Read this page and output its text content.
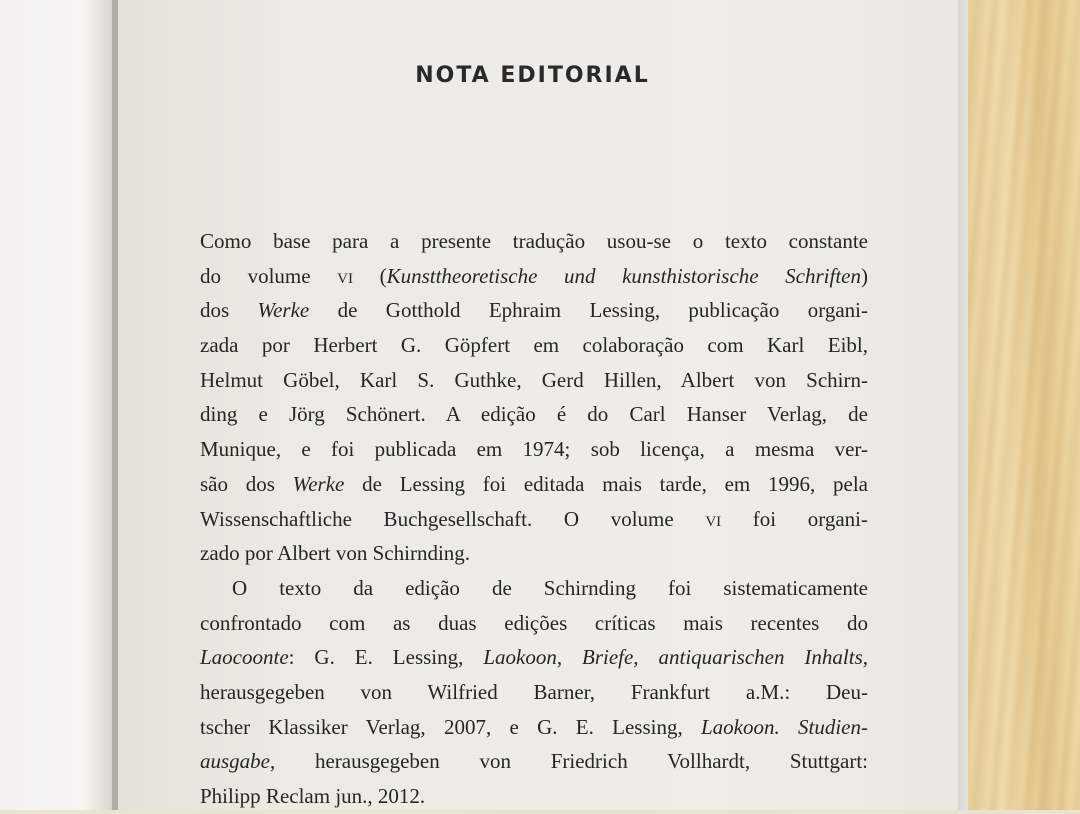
NOTA EDITORIAL
Como base para a presente tradução usou-se o texto constante
do volume vi (Kunsttheoretische und kunsthistorische Schriften)
dos Werke de Gotthold Ephraim Lessing, publicação organi-
zada por Herbert G. Göpfert em colaboração com Karl Eibl,
Helmut Göbel, Karl S. Guthke, Gerd Hillen, Albert von Schirn-
ding e Jörg Schönert. A edição é do Carl Hanser Verlag, de
Munique, e foi publicada em 1974; sob licença, a mesma ver-
são dos Werke de Lessing foi editada mais tarde, em 1996, pela
Wissenschaftliche Buchgesellschaft. O volume vi foi organi-
zado por Albert von Schirnding.
O texto da edição de Schirnding foi sistematicamente
confrontado com as duas edições críticas mais recentes do
Laocoonte: G. E. Lessing, Laokoon, Briefe, antiquarischen Inhalts,
herausgegeben von Wilfried Barner, Frankfurt a.M.: Deu-
tscher Klassiker Verlag, 2007, e G. E. Lessing, Laokoon. Studien-
ausgabe, herausgegeben von Friedrich Vollhardt, Stuttgart:
Philipp Reclam jun., 2012.
